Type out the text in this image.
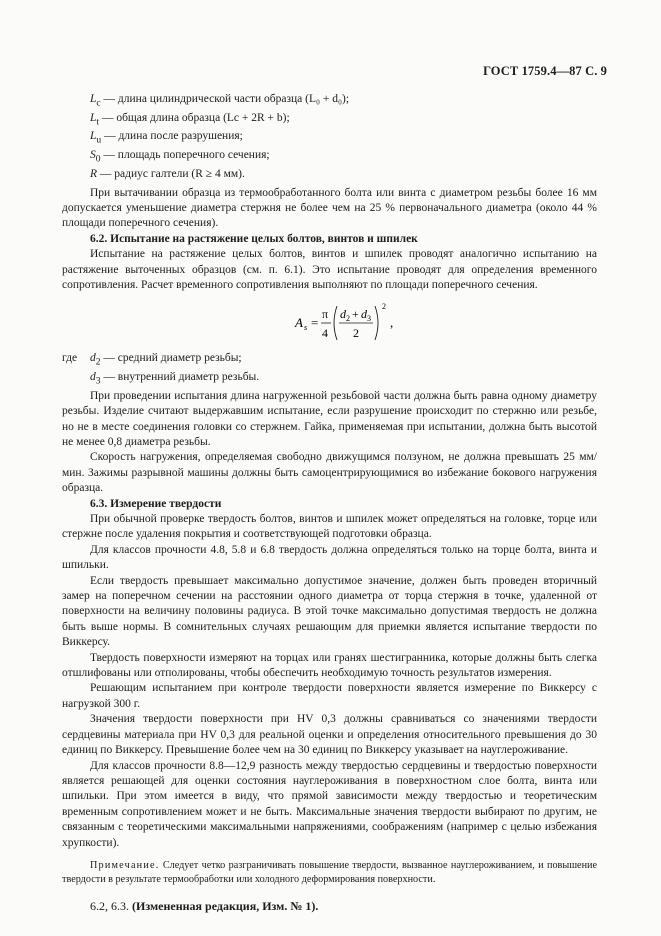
ГОСТ 1759.4—87 С. 9

$L_c$ — длина цилиндрической части образца (L₀ + d₀);

$L_t$ — общая длина образца (Lc + 2R + b);

$L_u$ — длина после разрушения;

$S_0$ — площадь поперечного сечения;

R — радиус галтели (R ≥ 4 мм).

При вытачивании образца из термообработанного болта или винта с диаметром резьбы более 16 мм допускается уменьшение диаметра стержня не более чем на 25 % первоначального диаметра (около 44 % площади поперечного сечения).

6.2. Испытание на растяжение целых болтов, винтов и шпилек

Испытание на растяжение целых болтов, винтов и шпилек проводят аналогично испытанию на растяжение выточенных образцов (см. п. 6.1). Это испытание проводят для определения временного сопротивления. Расчет временного сопротивления выполняют по площади поперечного сечения.

A s =
π
4
d 2 + d 3
2
2
,
где	$d_2$ — средний диаметр резьбы;

$d_3$ — внутренний диаметр резьбы.

При проведении испытания длина нагруженной резьбовой части должна быть равна одному диаметру резьбы. Изделие считают выдержавшим испытание, если разрушение происходит по стержню или резьбе, но не в месте соединения головки со стержнем. Гайка, применяемая при испытании, должна быть высотой не менее 0,8 диаметра резьбы.

Скорость нагружения, определяемая свободно движущимся ползуном, не должна превышать 25 мм/мин. Зажимы разрывной машины должны быть самоцентрирующимися во избежание бокового нагружения образца.

6.3. Измерение твердости

При обычной проверке твердость болтов, винтов и шпилек может определяться на головке, торце или стержне после удаления покрытия и соответствующей подготовки образца.

Для классов прочности 4.8, 5.8 и 6.8 твердость должна определяться только на торце болта, винта и шпильки.

Если твердость превышает максимально допустимое значение, должен быть проведен вторичный замер на поперечном сечении на расстоянии одного диаметра от торца стержня в точке, удаленной от поверхности на величину половины радиуса. В этой точке максимально допустимая твердость не должна быть выше нормы. В сомнительных случаях решающим для приемки является испытание твердости по Виккерсу.

Твердость поверхности измеряют на торцах или гранях шестигранника, которые должны быть слегка отшлифованы или отполированы, чтобы обеспечить необходимую точность результатов измерения.

Решающим испытанием при контроле твердости поверхности является измерение по Виккерсу с нагрузкой 300 г.

Значения твердости поверхности при HV 0,3 должны сравниваться со значениями твердости сердцевины материала при HV 0,3 для реальной оценки и определения относительного превышения до 30 единиц по Виккерсу. Превышение более чем на 30 единиц по Виккерсу указывает на науглероживание.

Для классов прочности 8.8—12,9 разность между твердостью сердцевины и твердостью поверхности является решающей для оценки состояния науглероживания в поверхностном слое болта, винта или шпильки. При этом имеется в виду, что прямой зависимости между твердостью и теоретическим временным сопротивлением может и не быть. Максимальные значения твердости выбирают по другим, не связанным с теоретическими максимальными напряжениями, соображениям (например с целью избежания хрупкости).

Примечание. Следует четко разграничивать повышение твердости, вызванное науглероживанием, и повышение твердости в результате термообработки или холодного деформирования поверхности.

6.2, 6.3. (Измененная редакция, Изм. № 1).
